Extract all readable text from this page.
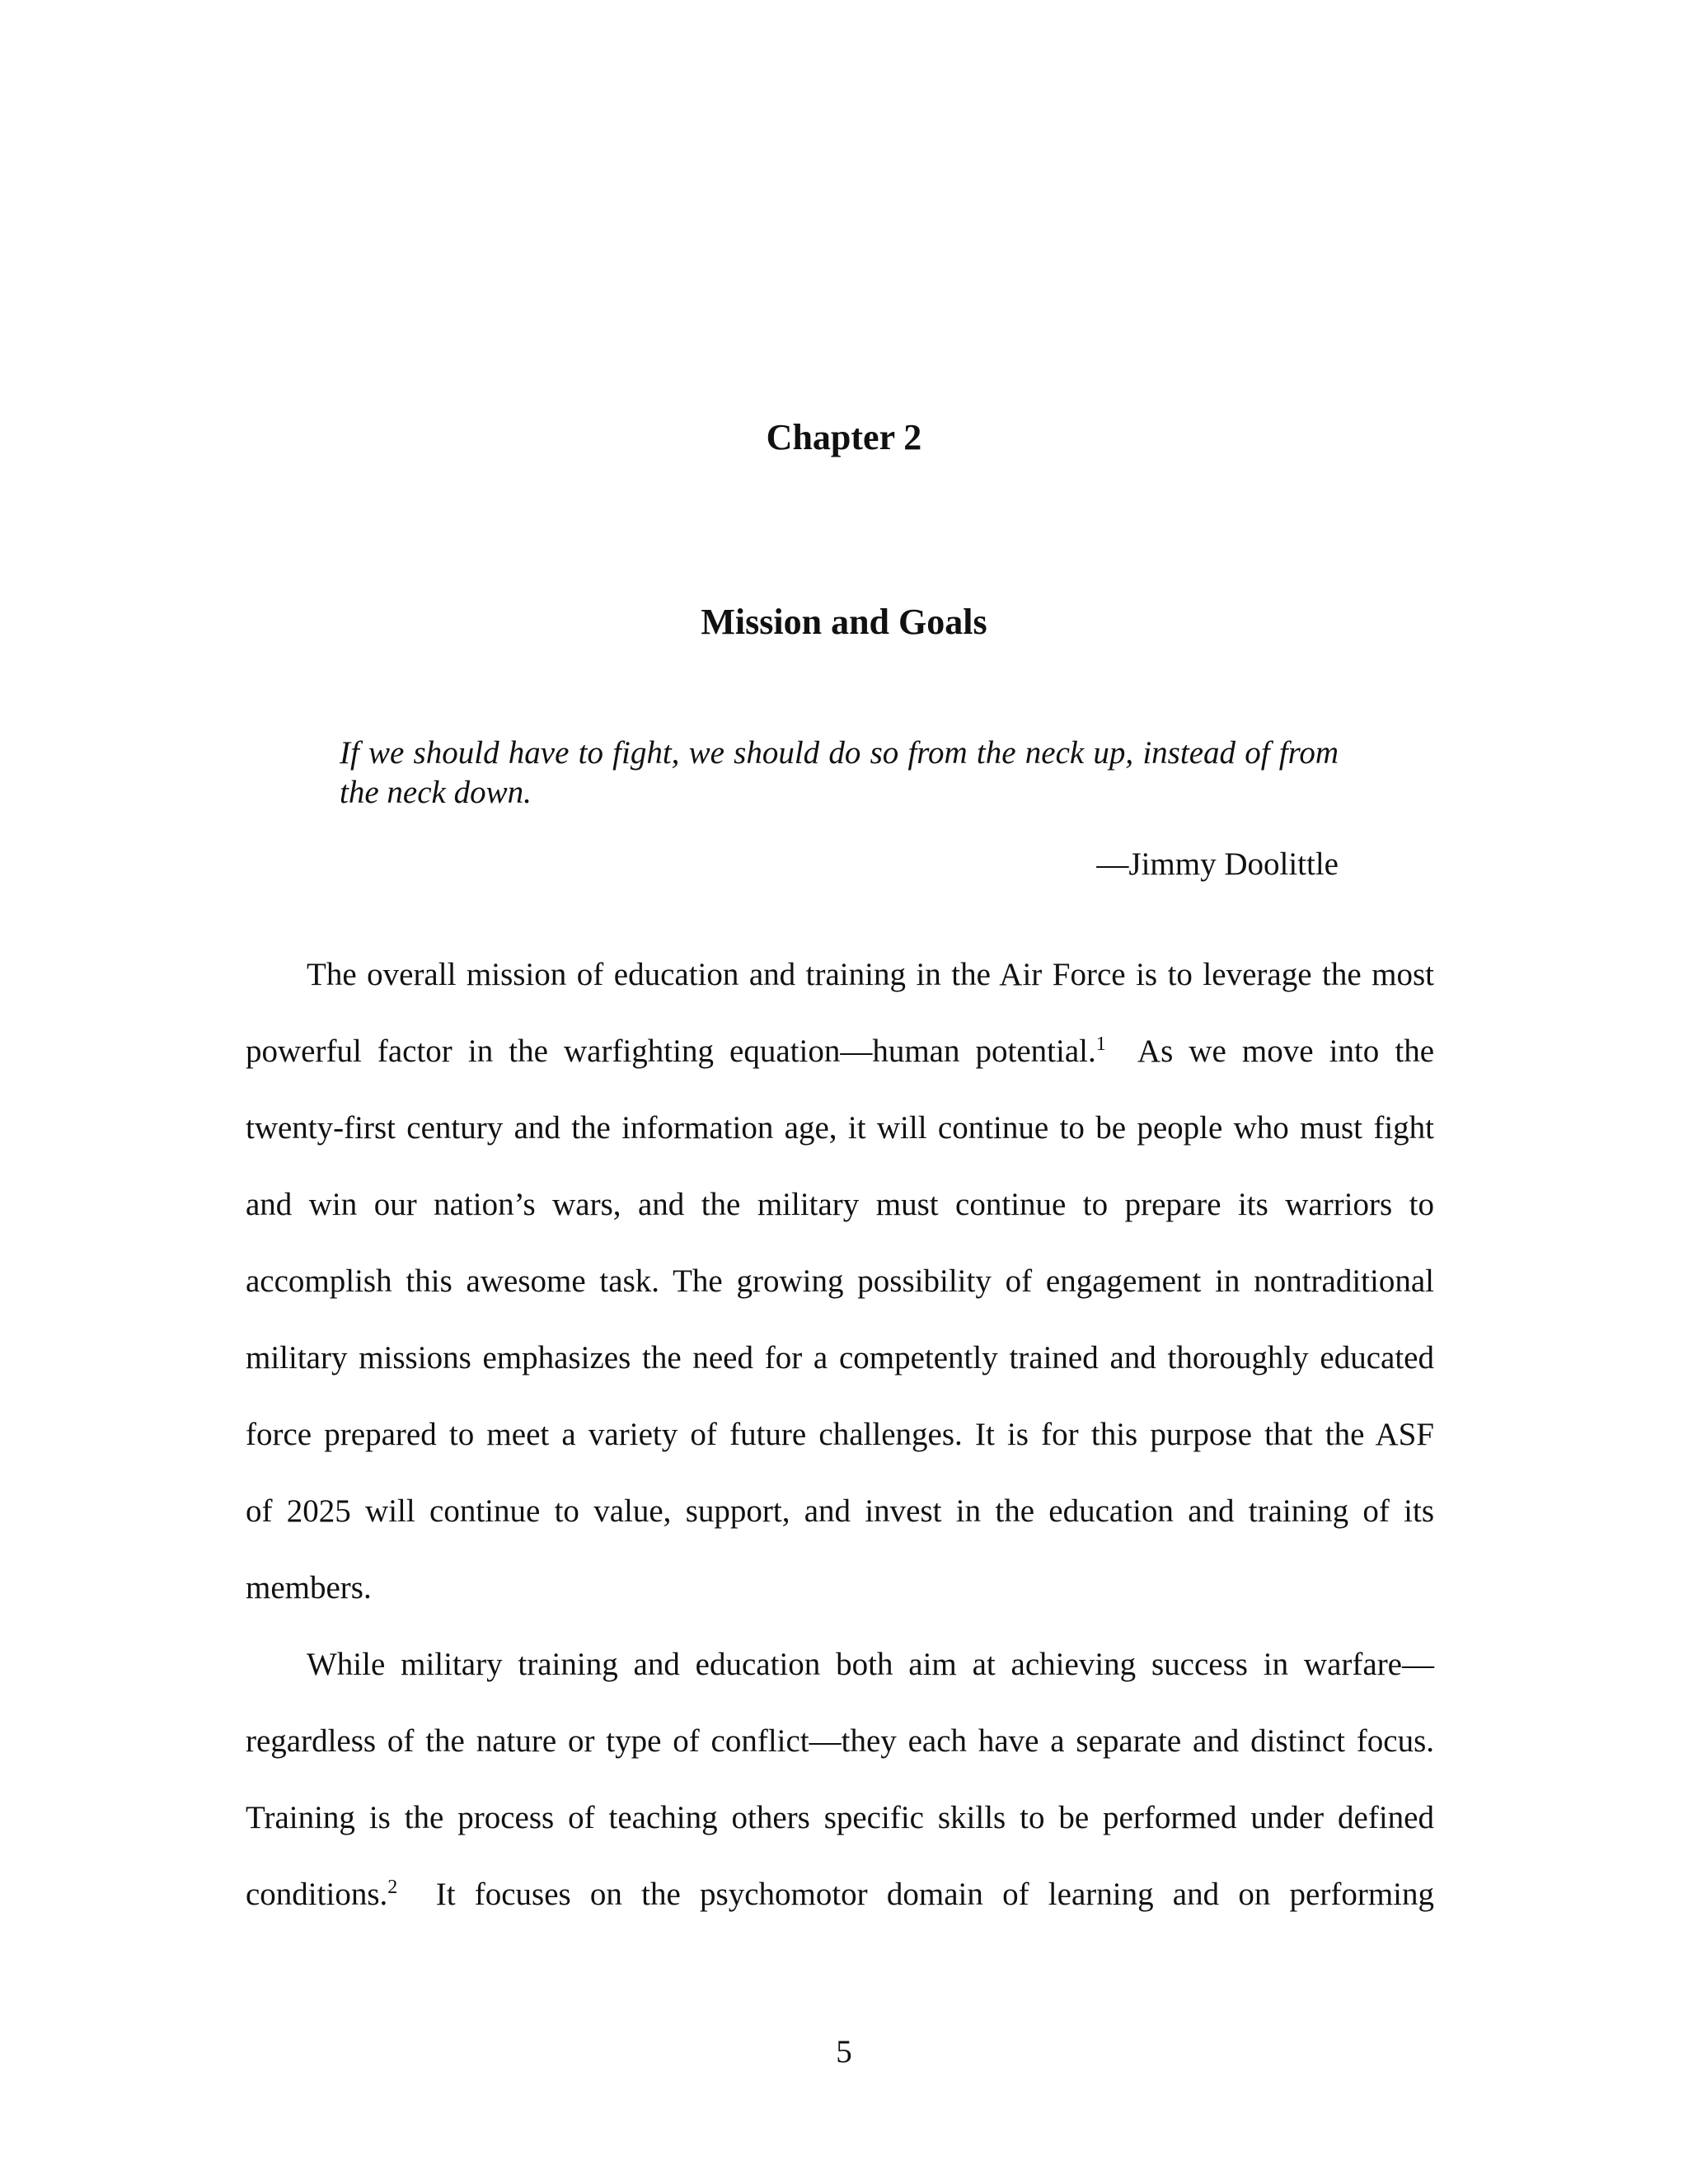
Chapter 2
Mission and Goals
If we should have to fight, we should do so from the neck up, instead of from the neck down.
—Jimmy Doolittle
The overall mission of education and training in the Air Force is to leverage the most
powerful factor in the warfighting equation—human potential.$^1$ As we move into the
twenty-first century and the information age, it will continue to be people who must fight
and win our nation’s wars, and the military must continue to prepare its warriors to
accomplish this awesome task. The growing possibility of engagement in nontraditional
military missions emphasizes the need for a competently trained and thoroughly educated
force prepared to meet a variety of future challenges. It is for this purpose that the ASF
of 2025 will continue to value, support, and invest in the education and training of its
members.
While military training and education both aim at achieving success in warfare—
regardless of the nature or type of conflict—they each have a separate and distinct focus.
Training is the process of teaching others specific skills to be performed under defined
conditions.$^2$ It focuses on the psychomotor domain of learning and on performing
5
